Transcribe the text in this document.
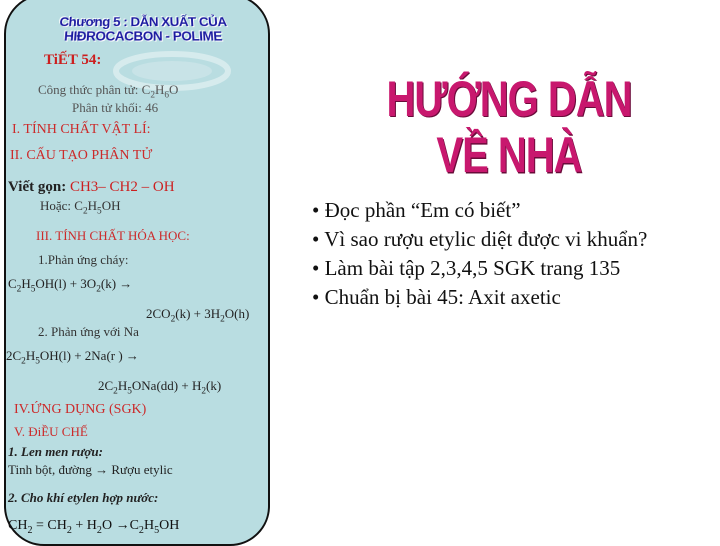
Chương 5 : DẪN XUẤT CỦA HIĐROCACBON - POLIME
TiẾT 54:
Công thức phân tử: $C_2H_6O$
Phân tử khối: 46
I. TÍNH CHẤT VẬT LÍ:
II. CẤU TẠO PHÂN TỬ
Viết gọn: CH3– CH2 – OH
Hoặc: $C_2H_5OH$
III. TÍNH CHẤT HÓA HỌC:
1.Phản ứng cháy:
$C_2H_5OH(l) + 3O_2(k)$ →
$2CO_2(k) + 3H_2O(h)$
2. Phản ứng với Na
$2C_2H_5OH(l) + 2Na(r$ ) →
$2C_2H_5ONa(dd) + H_2(k)$
IV.ỨNG DỤNG (SGK)
V. ĐiỀU CHẾ
1. Len men rượu:
Tinh bột, đường → Rượu etylic
2. Cho khí etylen hợp nước:
$CH_2 = CH_2 + H_2O \to C_2H_5OH$
HƯỚNG DẪN VỀ NHÀ
• Đọc phần “Em có biết”
• Vì sao rượu etylic diệt được vi khuẩn?
• Làm bài tập 2,3,4,5 SGK trang 135
• Chuẩn bị bài 45: Axit axetic
